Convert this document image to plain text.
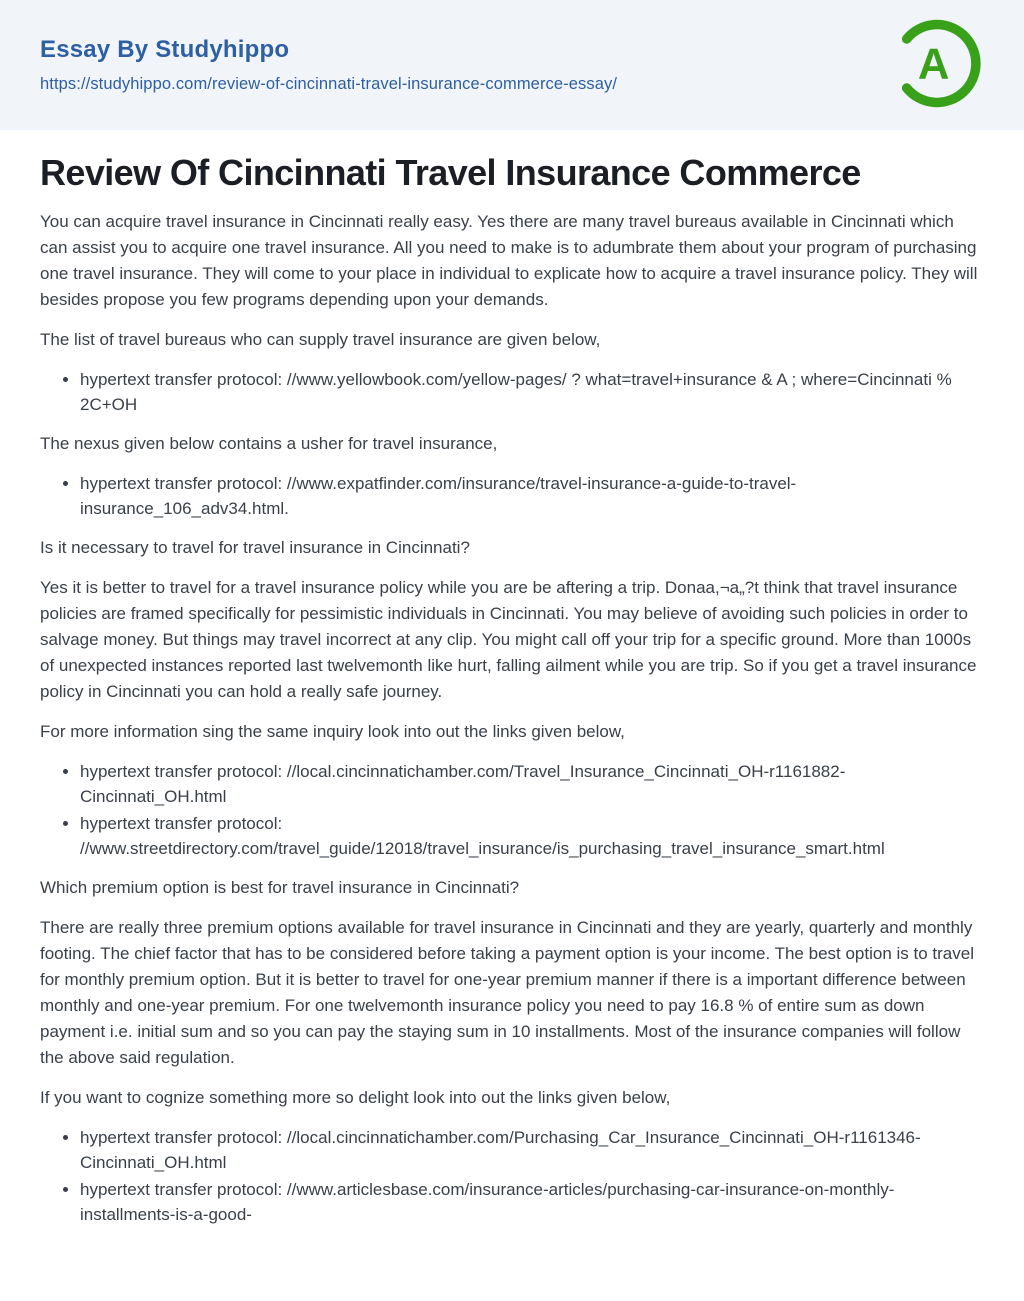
Essay By Studyhippo
https://studyhippo.com/review-of-cincinnati-travel-insurance-commerce-essay/	A
Review Of Cincinnati Travel Insurance Commerce

You can acquire travel insurance in Cincinnati really easy. Yes there are many travel bureaus available in Cincinnati which can assist you to acquire one travel insurance. All you need to make is to adumbrate them about your program of purchasing one travel insurance. They will come to your place in individual to explicate how to acquire a travel insurance policy. They will besides propose you few programs depending upon your demands.

The list of travel bureaus who can supply travel insurance are given below,

• hypertext transfer protocol: //www.yellowbook.com/yellow-pages/ ? what=travel+insurance & A ; where=Cincinnati % 2C+OH

The nexus given below contains a usher for travel insurance,

• hypertext transfer protocol: //www.expatfinder.com/insurance/travel-insurance-a-guide-to-travel-insurance_106_adv34.html.

Is it necessary to travel for travel insurance in Cincinnati?

Yes it is better to travel for a travel insurance policy while you are be aftering a trip. Donaa,¬a„?t think that travel insurance policies are framed specifically for pessimistic individuals in Cincinnati. You may believe of avoiding such policies in order to salvage money. But things may travel incorrect at any clip. You might call off your trip for a specific ground. More than 1000s of unexpected instances reported last twelvemonth like hurt, falling ailment while you are trip. So if you get a travel insurance policy in Cincinnati you can hold a really safe journey.

For more information sing the same inquiry look into out the links given below,

• hypertext transfer protocol: //local.cincinnatichamber.com/Travel_Insurance_Cincinnati_OH-r1161882-Cincinnati_OH.html
• hypertext transfer protocol: //www.streetdirectory.com/travel_guide/12018/travel_insurance/is_purchasing_travel_insurance_smart.html

Which premium option is best for travel insurance in Cincinnati?

There are really three premium options available for travel insurance in Cincinnati and they are yearly, quarterly and monthly footing. The chief factor that has to be considered before taking a payment option is your income. The best option is to travel for monthly premium option. But it is better to travel for one-year premium manner if there is a important difference between monthly and one-year premium. For one twelvemonth insurance policy you need to pay 16.8 % of entire sum as down payment i.e. initial sum and so you can pay the staying sum in 10 installments. Most of the insurance companies will follow the above said regulation.

If you want to cognize something more so delight look into out the links given below,

• hypertext transfer protocol: //local.cincinnatichamber.com/Purchasing_Car_Insurance_Cincinnati_OH-r1161346-Cincinnati_OH.html
• hypertext transfer protocol: //www.articlesbase.com/insurance-articles/purchasing-car-insurance-on-monthly-installments-is-a-good-
